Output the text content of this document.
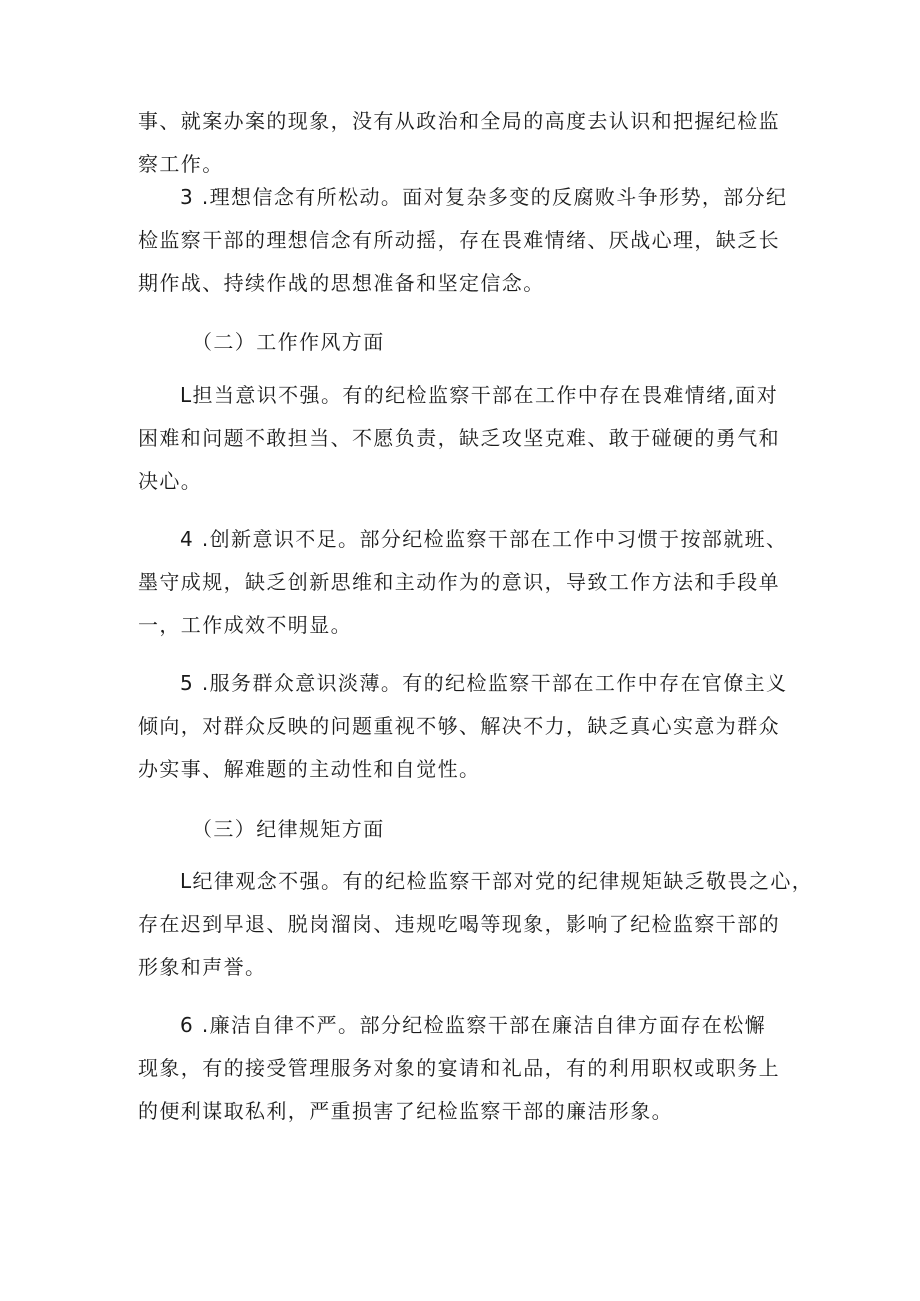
事、就案办案的现象，没有从政治和全局的高度去认识和把握纪检监
察工作。

3 .理想信念有所松动。面对复杂多变的反腐败斗争形势，部分纪
检监察干部的理想信念有所动摇，存在畏难情绪、厌战心理，缺乏长
期作战、持续作战的思想准备和坚定信念。

（二）工作作风方面

L担当意识不强。有的纪检监察干部在工作中存在畏难情绪,面对
困难和问题不敢担当、不愿负责，缺乏攻坚克难、敢于碰硬的勇气和
决心。

4 .创新意识不足。部分纪检监察干部在工作中习惯于按部就班、
墨守成规，缺乏创新思维和主动作为的意识，导致工作方法和手段单
一，工作成效不明显。

5 .服务群众意识淡薄。有的纪检监察干部在工作中存在官僚主义
倾向，对群众反映的问题重视不够、解决不力，缺乏真心实意为群众
办实事、解难题的主动性和自觉性。

（三）纪律规矩方面

L纪律观念不强。有的纪检监察干部对党的纪律规矩缺乏敬畏之心，
存在迟到早退、脱岗溜岗、违规吃喝等现象，影响了纪检监察干部的
形象和声誉。

6 .廉洁自律不严。部分纪检监察干部在廉洁自律方面存在松懈
现象，有的接受管理服务对象的宴请和礼品，有的利用职权或职务上
的便利谋取私利，严重损害了纪检监察干部的廉洁形象。
